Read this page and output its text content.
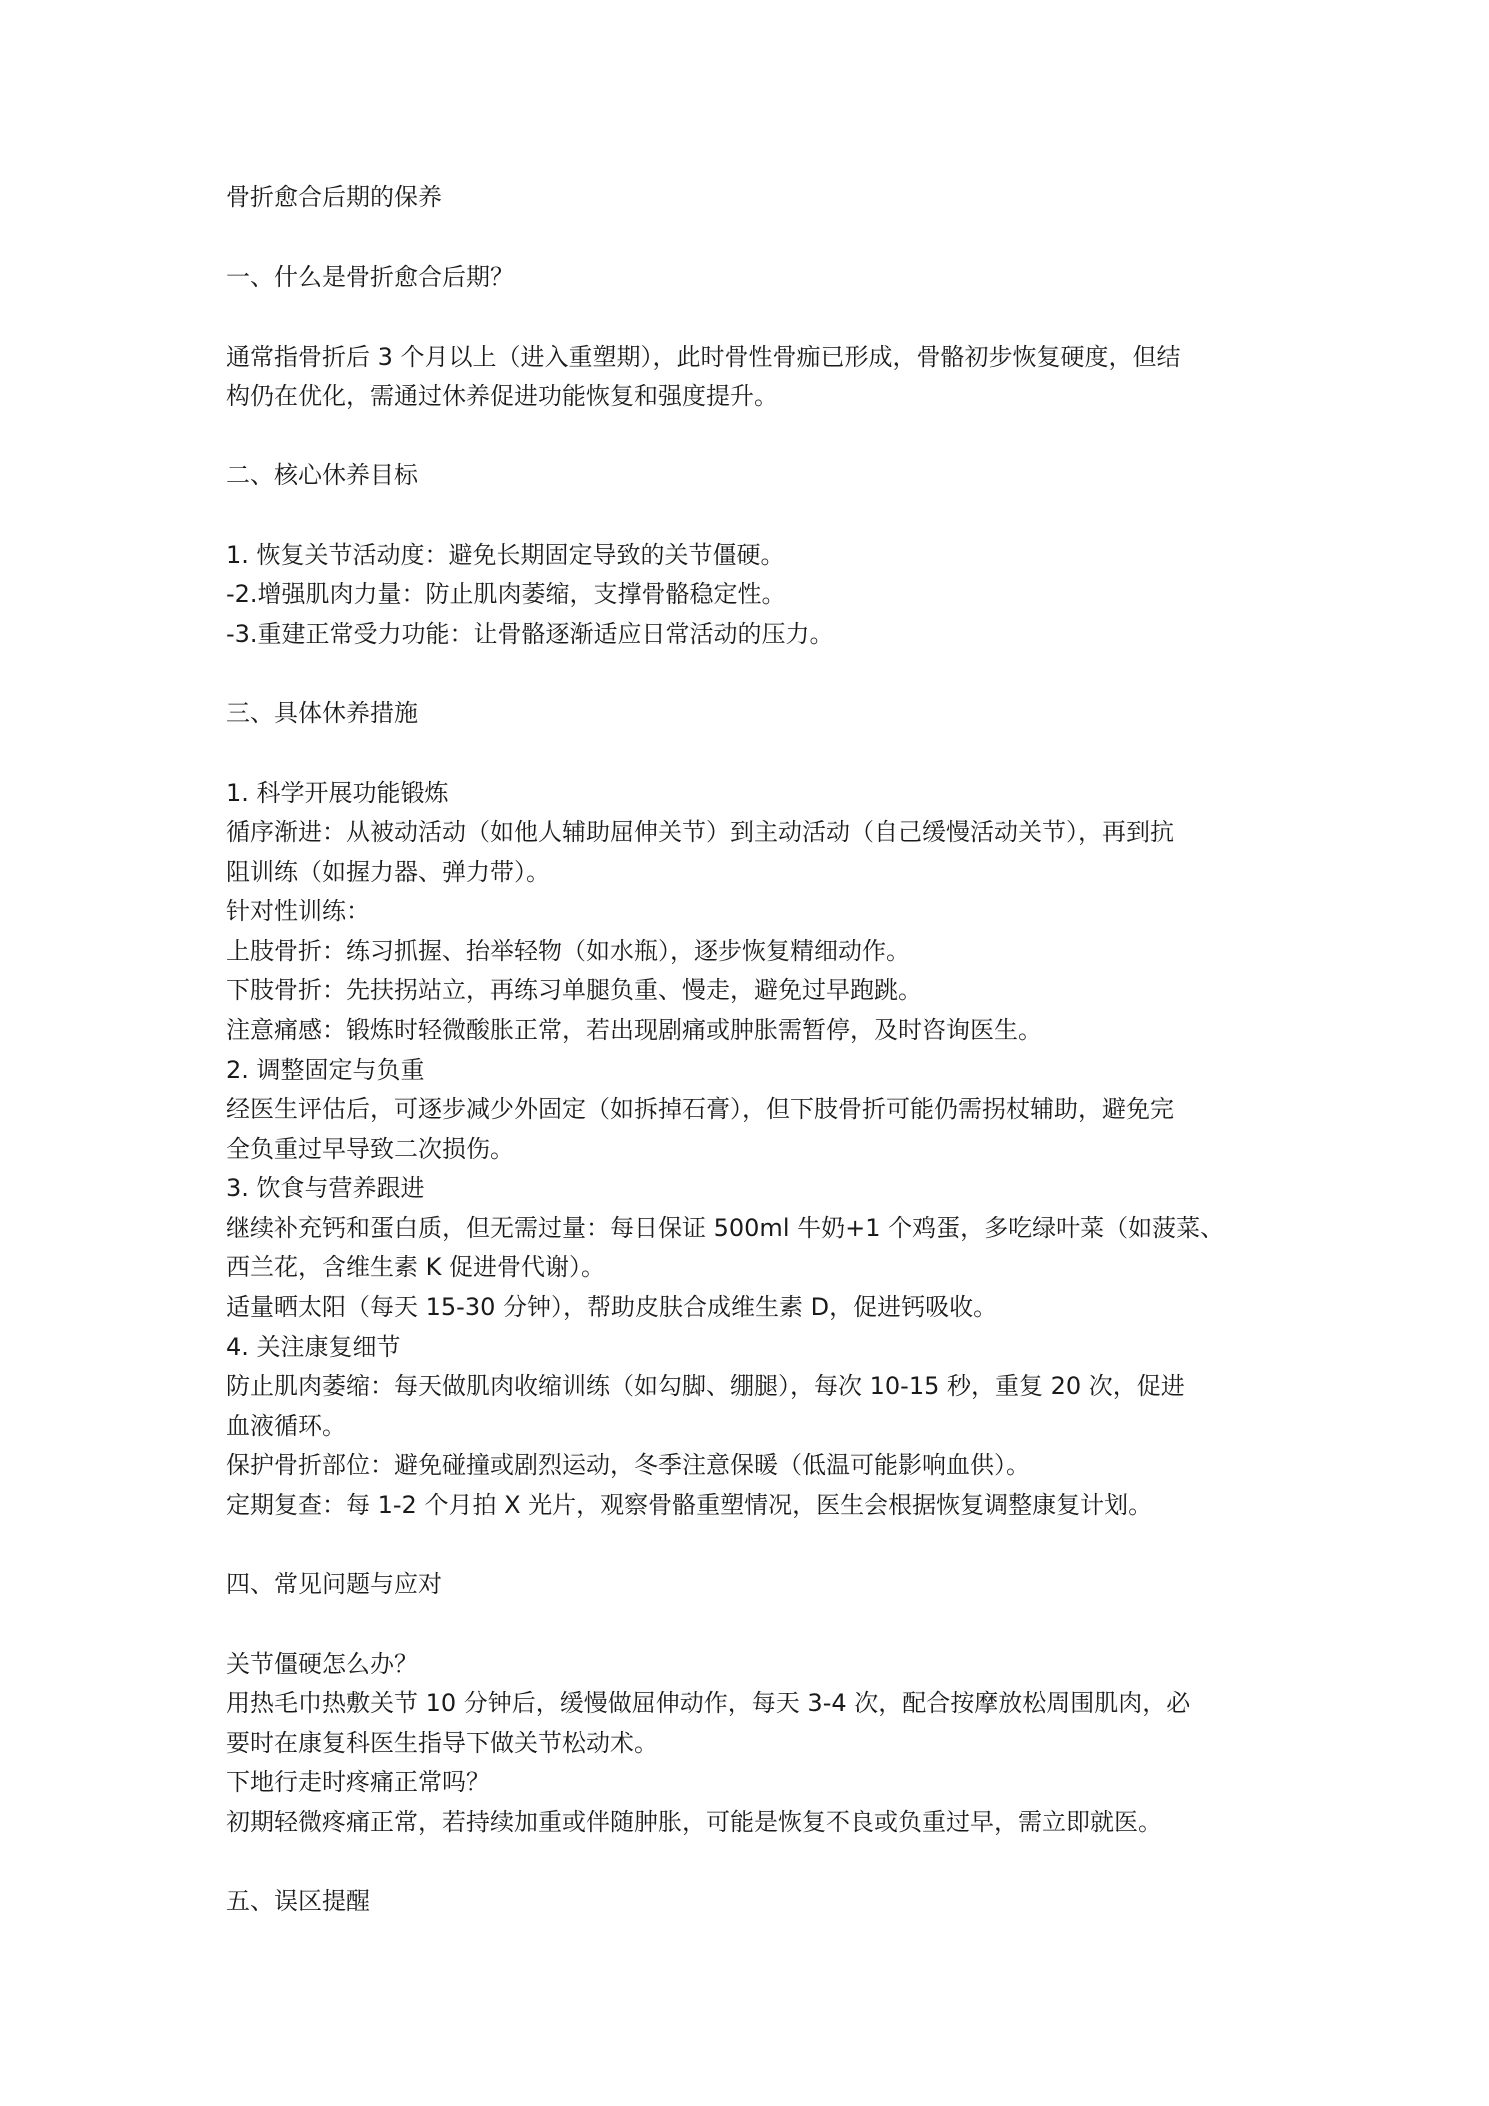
骨折愈合后期的保养

一、什么是骨折愈合后期？

通常指骨折后 3 个月以上（进入重塑期），此时骨性骨痂已形成，骨骼初步恢复硬度，但结

构仍在优化，需通过休养促进功能恢复和强度提升。

二、核心休养目标

1. 恢复关节活动度：避免长期固定导致的关节僵硬。

-2.增强肌肉力量：防止肌肉萎缩，支撑骨骼稳定性。

-3.重建正常受力功能：让骨骼逐渐适应日常活动的压力。

三、具体休养措施

1. 科学开展功能锻炼

循序渐进：从被动活动（如他人辅助屈伸关节）到主动活动（自己缓慢活动关节），再到抗

阻训练（如握力器、弹力带）。

针对性训练：

上肢骨折：练习抓握、抬举轻物（如水瓶），逐步恢复精细动作。

下肢骨折：先扶拐站立，再练习单腿负重、慢走，避免过早跑跳。

注意痛感：锻炼时轻微酸胀正常，若出现剧痛或肿胀需暂停，及时咨询医生。

2. 调整固定与负重

经医生评估后，可逐步减少外固定（如拆掉石膏），但下肢骨折可能仍需拐杖辅助，避免完

全负重过早导致二次损伤。

3. 饮食与营养跟进

继续补充钙和蛋白质，但无需过量：每日保证 500ml 牛奶+1 个鸡蛋，多吃绿叶菜（如菠菜、

西兰花，含维生素 K 促进骨代谢）。

适量晒太阳（每天 15-30 分钟），帮助皮肤合成维生素 D，促进钙吸收。

4. 关注康复细节

防止肌肉萎缩：每天做肌肉收缩训练（如勾脚、绷腿），每次 10-15 秒，重复 20 次，促进

血液循环。

保护骨折部位：避免碰撞或剧烈运动，冬季注意保暖（低温可能影响血供）。

定期复查：每 1-2 个月拍 X 光片，观察骨骼重塑情况，医生会根据恢复调整康复计划。

四、常见问题与应对

关节僵硬怎么办？

用热毛巾热敷关节 10 分钟后，缓慢做屈伸动作，每天 3-4 次，配合按摩放松周围肌肉，必

要时在康复科医生指导下做关节松动术。

下地行走时疼痛正常吗？

初期轻微疼痛正常，若持续加重或伴随肿胀，可能是恢复不良或负重过早，需立即就医。

五、误区提醒
